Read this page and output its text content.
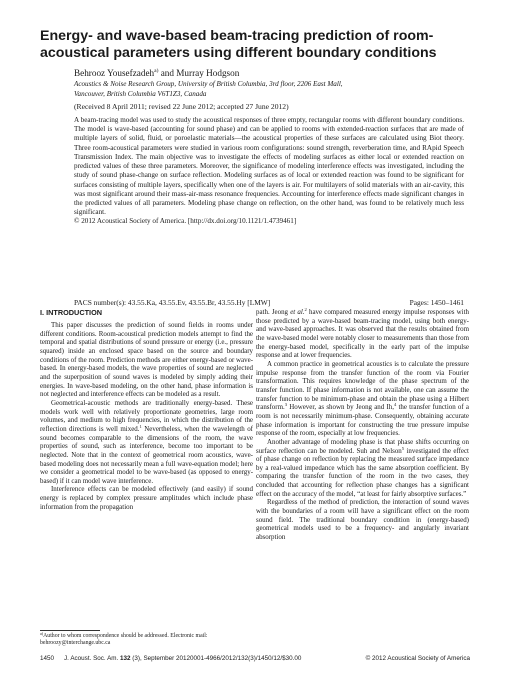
Energy- and wave-based beam-tracing prediction of room-acoustical parameters using different boundary conditions
Behrooz Yousefzadeh$^{a)}$ and Murray Hodgson
Acoustics & Noise Research Group, University of British Columbia, 3rd floor, 2206 East Mall,
Vancouver, British Columbia V6T1Z3, Canada
(Received 8 April 2011; revised 22 June 2012; accepted 27 June 2012)
A beam-tracing model was used to study the acoustical responses of three empty, rectangular rooms with different boundary conditions. The model is wave-based (accounting for sound phase) and can be applied to rooms with extended-reaction surfaces that are made of multiple layers of solid, fluid, or poroelastic materials—the acoustical properties of these surfaces are calculated using Biot theory. Three room-acoustical parameters were studied in various room configurations: sound strength, reverberation time, and RApid Speech Transmission Index. The main objective was to investigate the effects of modeling surfaces as either local or extended reaction on predicted values of these three parameters. Moreover, the significance of modeling interference effects was investigated, including the study of sound phase-change on surface reflection. Modeling surfaces as of local or extended reaction was found to be significant for surfaces consisting of multiple layers, specifically when one of the layers is air. For multilayers of solid materials with an air-cavity, this was most significant around their mass-air-mass resonance frequencies. Accounting for interference effects made significant changes in the predicted values of all parameters. Modeling phase change on reflection, on the other hand, was found to be relatively much less significant.
© 2012 Acoustical Society of America. [http://dx.doi.org/10.1121/1.4739461]
PACS number(s): 43.55.Ka, 43.55.Ev, 43.55.Br, 43.55.Hy [LMW]	Pages: 1450–1461
I. INTRODUCTION

This paper discusses the prediction of sound fields in rooms under different conditions. Room-acoustical prediction models attempt to find the temporal and spatial distributions of sound pressure or energy (i.e., pressure squared) inside an enclosed space based on the source and boundary conditions of the room. Prediction methods are either energy-based or wave-based. In energy-based models, the wave properties of sound are neglected and the superposition of sound waves is modeled by simply adding their energies. In wave-based modeling, on the other hand, phase information is not neglected and interference effects can be modeled as a result.

Geometrical-acoustic methods are traditionally energy-based. These models work well with relatively proportionate geometries, large room volumes, and medium to high frequencies, in which the distribution of the reflection directions is well mixed.$^1$ Nevertheless, when the wavelength of sound becomes comparable to the dimensions of the room, the wave properties of sound, such as interference, become too important to be neglected. Note that in the context of geometrical room acoustics, wave-based modeling does not necessarily mean a full wave-equation model; here we consider a geometrical model to be wave-based (as opposed to energy-based) if it can model wave interference.

Interference effects can be modeled effectively (and easily) if sound energy is replaced by complex pressure amplitudes which include phase information from the propagation

path. Jeong et al.$^2$ have compared measured energy impulse responses with those predicted by a wave-based beam-tracing model, using both energy- and wave-based approaches. It was observed that the results obtained from the wave-based model were notably closer to measurements than those from the energy-based model, specifically in the early part of the impulse response and at lower frequencies.

A common practice in geometrical acoustics is to calculate the pressure impulse response from the transfer function of the room via Fourier transformation. This requires knowledge of the phase spectrum of the transfer function. If phase information is not available, one can assume the transfer function to be minimum-phase and obtain the phase using a Hilbert transform.$^3$ However, as shown by Jeong and Ih,$^4$ the transfer function of a room is not necessarily minimum-phase. Consequently, obtaining accurate phase information is important for constructing the true pressure impulse response of the room, especially at low frequencies.

Another advantage of modeling phase is that phase shifts occurring on surface reflection can be modeled. Suh and Nelson$^5$ investigated the effect of phase change on reflection by replacing the measured surface impedance by a real-valued impedance which has the same absorption coefficient. By comparing the transfer function of the room in the two cases, they concluded that accounting for reflection phase changes has a significant effect on the accuracy of the model, “at least for fairly absorptive surfaces.”

Regardless of the method of prediction, the interaction of sound waves with the boundaries of a room will have a significant effect on the room sound field. The traditional boundary condition in (energy-based) geometrical models used to be a frequency- and angularly invariant absorption

$^{a)}$Author to whom correspondence should be addressed. Electronic mail: behroozy@interchange.ubc.ca
1450 J. Acoust. Soc. Am. 132 (3), September 2012 0001-4966/2012/132(3)/1450/12/$30.00	© 2012 Acoustical Society of America
